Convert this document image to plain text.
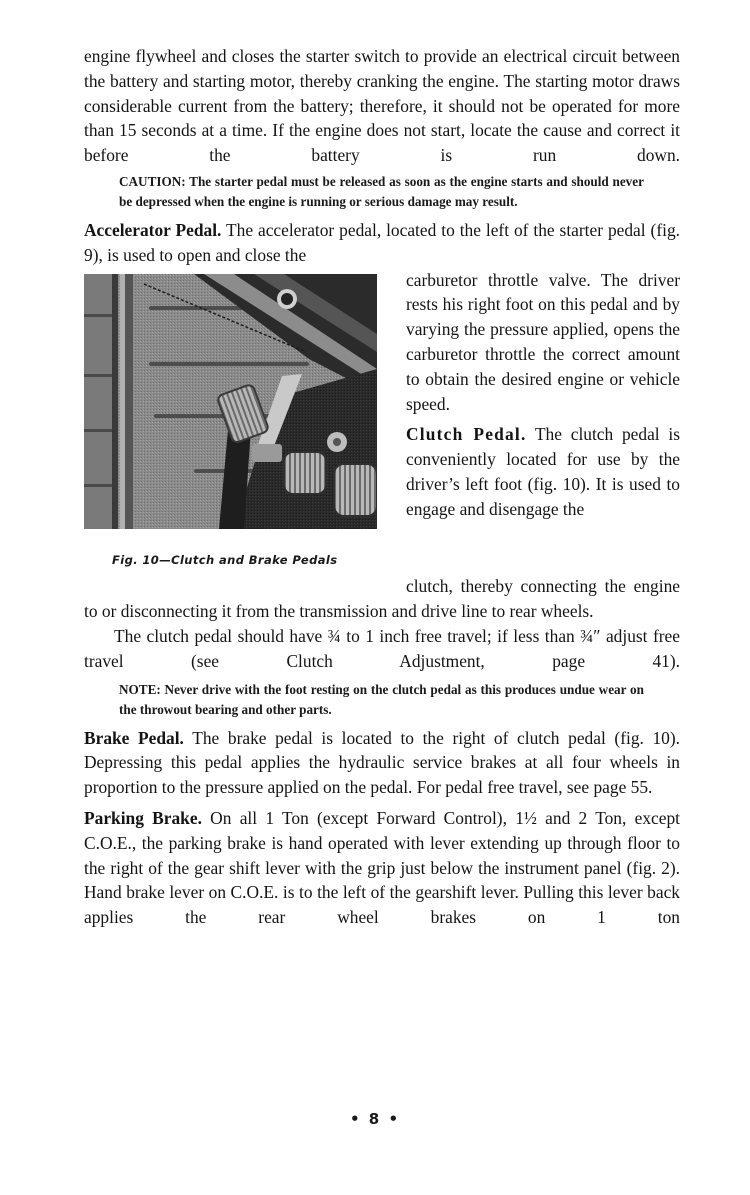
engine flywheel and closes the starter switch to provide an electrical circuit between the battery and starting motor, thereby cranking the engine. The starting motor draws considerable current from the battery; therefore, it should not be operated for more than 15 seconds at a time. If the engine does not start, locate the cause and correct it before the battery is run down.

CAUTION: The starter pedal must be released as soon as the engine starts and should never be depressed when the engine is running or serious damage may result.

Accelerator Pedal. The accelerator pedal, located to the left of the starter pedal (fig. 9), is used to open and close the

Fig. 10—Clutch and Brake Pedals

carburetor throttle valve. The driver rests his right foot on this pedal and by varying the pressure applied, opens the carburetor throttle the correct amount to obtain the desired engine or vehicle speed.

Clutch Pedal. The clutch pedal is conveniently located for use by the driver’s left foot (fig. 10). It is used to engage and disengage the

clutch, thereby connecting the engine to or disconnecting it from the transmission and drive line to rear wheels.

The clutch pedal should have ¾ to 1 inch free travel; if less than ¾″ adjust free travel (see Clutch Adjustment, page 41).

NOTE: Never drive with the foot resting on the clutch pedal as this produces undue wear on the throwout bearing and other parts.

Brake Pedal. The brake pedal is located to the right of clutch pedal (fig. 10). Depressing this pedal applies the hydraulic service brakes at all four wheels in proportion to the pressure applied on the pedal. For pedal free travel, see page 55.

Parking Brake. On all 1 Ton (except Forward Control), 1½ and 2 Ton, except C.O.E., the parking brake is hand operated with lever extending up through floor to the right of the gear shift lever with the grip just below the instrument panel (fig. 2). Hand brake lever on C.O.E. is to the left of the gearshift lever. Pulling this lever back applies the rear wheel brakes on 1 ton

• 8 •
